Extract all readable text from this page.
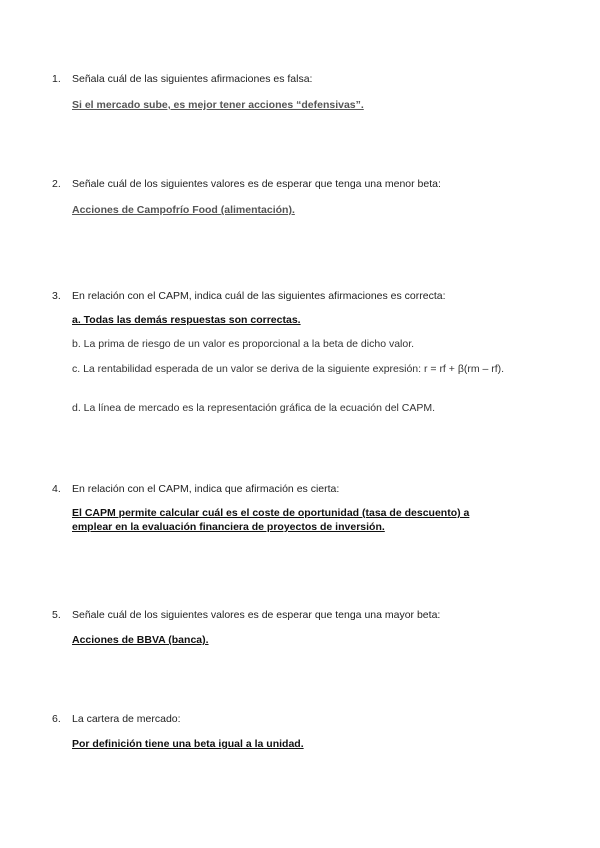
1. Señala cuál de las siguientes afirmaciones es falsa:
Si el mercado sube, es mejor tener acciones “defensivas”.
2. Señale cuál de los siguientes valores es de esperar que tenga una menor beta:
Acciones de Campofrío Food (alimentación).
3. En relación con el CAPM, indica cuál de las siguientes afirmaciones es correcta:
a. Todas las demás respuestas son correctas.
b. La prima de riesgo de un valor es proporcional a la beta de dicho valor.
c. La rentabilidad esperada de un valor se deriva de la siguiente expresión: r = rf + β(rm – rf).
d. La línea de mercado es la representación gráfica de la ecuación del CAPM.
4. En relación con el CAPM, indica que afirmación es cierta:
El CAPM permite calcular cuál es el coste de oportunidad (tasa de descuento) a emplear en la evaluación financiera de proyectos de inversión.
5. Señale cuál de los siguientes valores es de esperar que tenga una mayor beta:
Acciones de BBVA (banca).
6. La cartera de mercado:
Por definición tiene una beta igual a la unidad.
